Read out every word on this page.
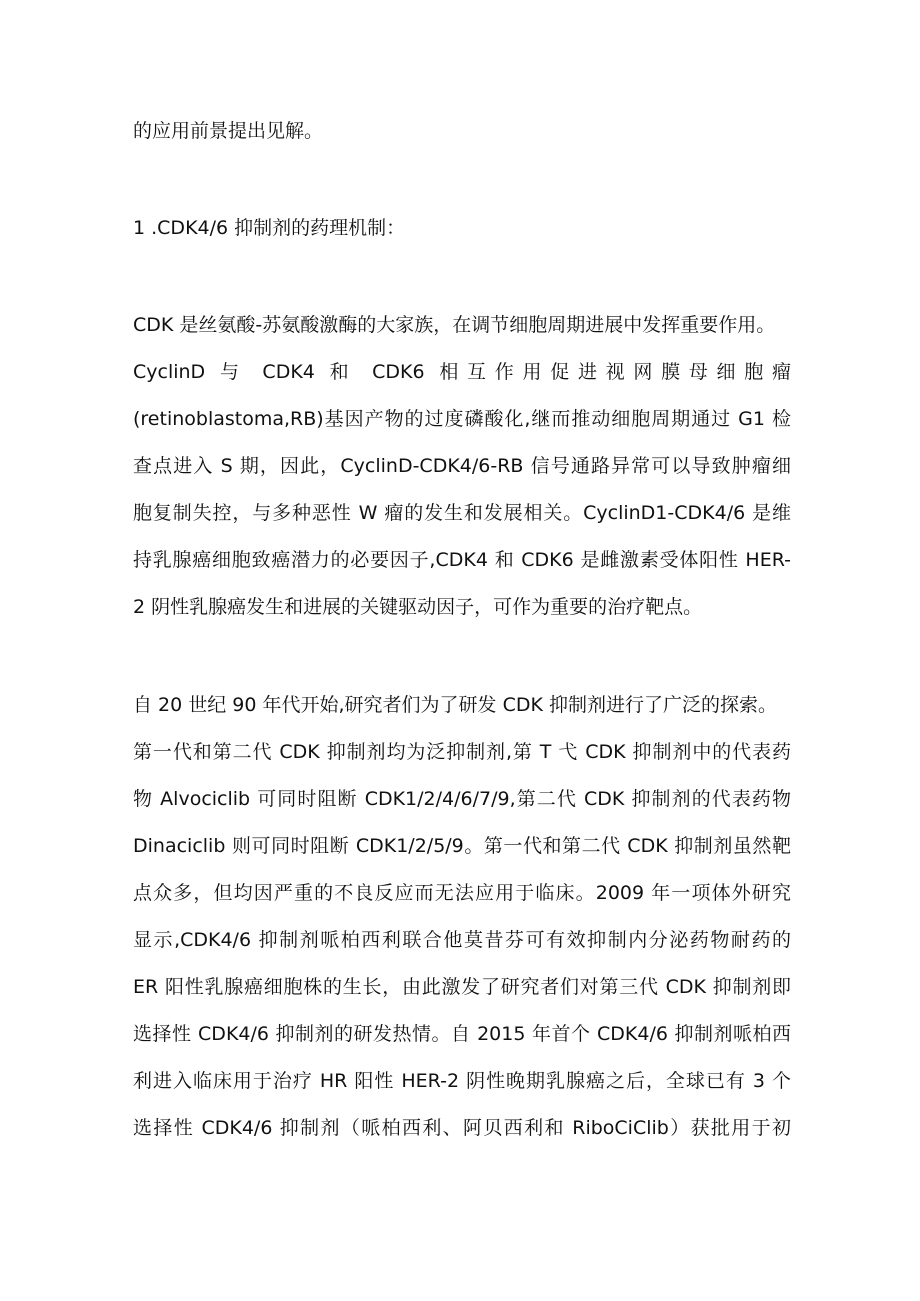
的应用前景提出见解。

1 .CDK4/6 抑制剂的药理机制：

CDK 是丝氨酸-苏氨酸激酶的大家族，在调节细胞周期进展中发挥重要作用。

CyclinD 与 CDK4 和 CDK6 相互作用促进视网膜母细胞瘤

(retinoblastoma,RB)基因产物的过度磷酸化,继而推动细胞周期通过 G1 检

查点进入 S 期，因此，CyclinD-CDK4/6-RB 信号通路异常可以导致肿瘤细

胞复制失控，与多种恶性 W 瘤的发生和发展相关。CyclinD1-CDK4/6 是维

持乳腺癌细胞致癌潜力的必要因子,CDK4 和 CDK6 是雌激素受体阳性 HER-

2 阴性乳腺癌发生和进展的关键驱动因子，可作为重要的治疗靶点。

自 20 世纪 90 年代开始,研究者们为了研发 CDK 抑制剂进行了广泛的探索。

第一代和第二代 CDK 抑制剂均为泛抑制剂,第 T 弋 CDK 抑制剂中的代表药

物 Alvociclib 可同时阻断 CDK1/2/4/6/7/9,第二代 CDK 抑制剂的代表药物

Dinaciclib 则可同时阻断 CDK1∕2∕5∕9。第一代和第二代 CDK 抑制剂虽然靶

点众多，但均因严重的不良反应而无法应用于临床。2009 年一项体外研究

显示,CDK4/6 抑制剂哌柏西利联合他莫昔芬可有效抑制内分泌药物耐药的

ER 阳性乳腺癌细胞株的生长，由此激发了研究者们对第三代 CDK 抑制剂即

选择性 CDK4/6 抑制剂的研发热情。自 2015 年首个 CDK4/6 抑制剂哌柏西

利进入临床用于治疗 HR 阳性 HER-2 阴性晚期乳腺癌之后，全球已有 3 个

选择性 CDK4/6 抑制剂（哌柏西利、阿贝西利和 RiboCiClib）获批用于初
